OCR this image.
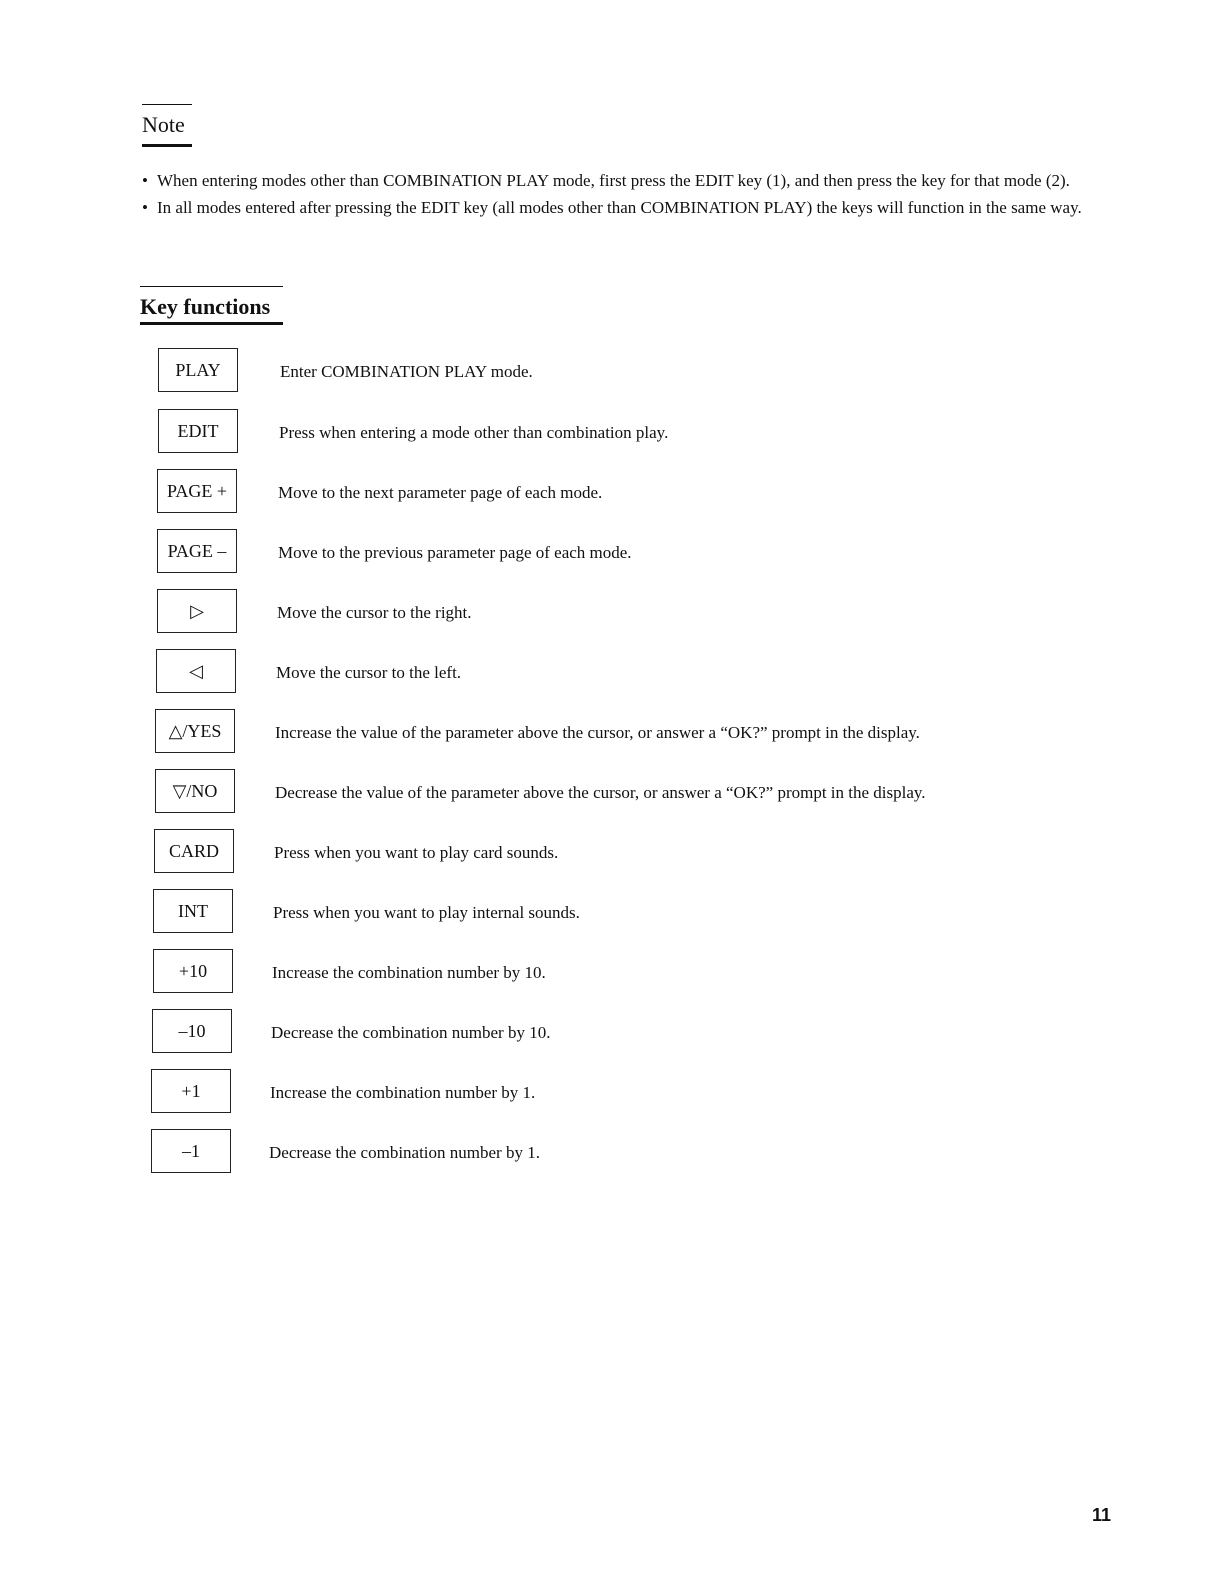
Note
• When entering modes other than COMBINATION PLAY mode, first press the EDIT key (1), and then press the key for that mode (2).
• In all modes entered after pressing the EDIT key (all modes other than COMBINATION PLAY) the keys will function in the same way.
Key functions
PLAY	Enter COMBINATION PLAY mode.
EDIT	Press when entering a mode other than combination play.
PAGE +	Move to the next parameter page of each mode.
PAGE –	Move to the previous parameter page of each mode.
▷	Move the cursor to the right.
◁	Move the cursor to the left.
△/YES	Increase the value of the parameter above the cursor, or answer a “OK?” prompt in the display.
▽/NO	Decrease the value of the parameter above the cursor, or answer a “OK?” prompt in the display.
CARD	Press when you want to play card sounds.
INT	Press when you want to play internal sounds.
+10	Increase the combination number by 10.
–10	Decrease the combination number by 10.
+1	Increase the combination number by 1.
–1	Decrease the combination number by 1.
11
